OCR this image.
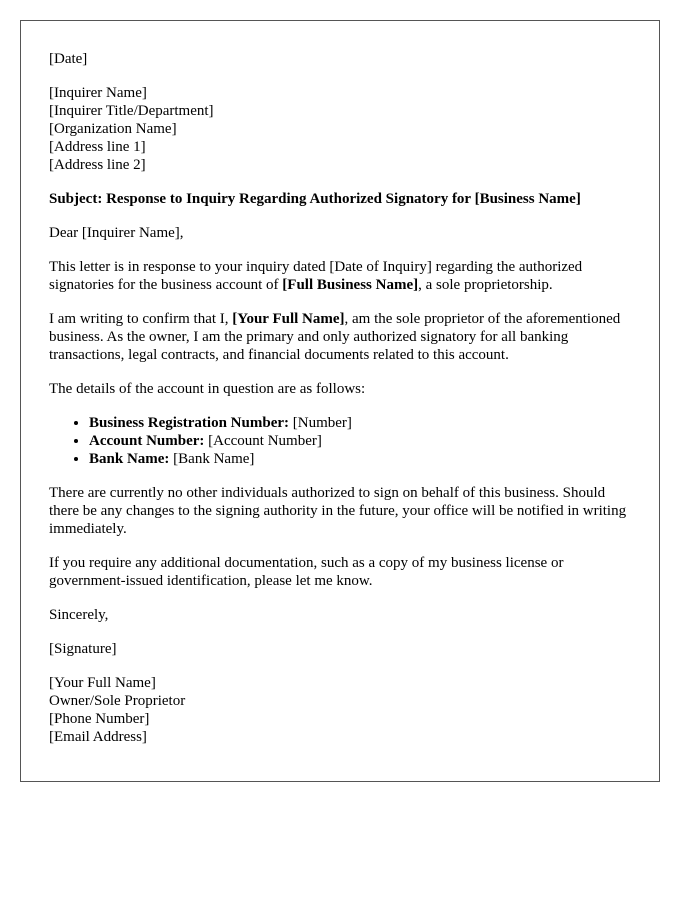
[Date]

[Inquirer Name]

[Inquirer Title/Department]

[Organization Name]

[Address line 1]

[Address line 2]

Subject: Response to Inquiry Regarding Authorized Signatory for [Business Name]

Dear [Inquirer Name],

This letter is in response to your inquiry dated [Date of Inquiry] regarding the authorized signatories for the business account of [Full Business Name], a sole proprietorship.

I am writing to confirm that I, [Your Full Name], am the sole proprietor of the aforementioned business. As the owner, I am the primary and only authorized signatory for all banking transactions, legal contracts, and financial documents related to this account.

The details of the account in question are as follows:

• Business Registration Number: [Number]
• Account Number: [Account Number]
• Bank Name: [Bank Name]

There are currently no other individuals authorized to sign on behalf of this business. Should there be any changes to the signing authority in the future, your office will be notified in writing immediately.

If you require any additional documentation, such as a copy of my business license or government-issued identification, please let me know.

Sincerely,

[Signature]

[Your Full Name]

Owner/Sole Proprietor

[Phone Number]

[Email Address]
